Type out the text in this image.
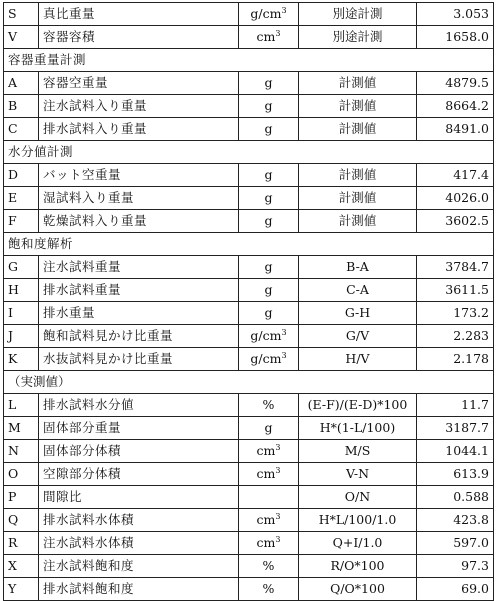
S	真比重量	$g/cm^3$	別途計測	3.053
V	容器容積	$cm^3$	別途計測	1658.0
容器重量計測				
A	容器空重量	g	計測値	4879.5
B	注水試料入り重量	g	計測値	8664.2
C	排水試料入り重量	g	計測値	8491.0
水分値計測				
D	バット空重量	g	計測値	417.4
E	湿試料入り重量	g	計測値	4026.0
F	乾燥試料入り重量	g	計測値	3602.5
飽和度解析				
G	注水試料重量	g	B-A	3784.7
H	排水試料重量	g	C-A	3611.5
I	排水重量	g	G-H	173.2
J	飽和試料見かけ比重量	$g/cm^3$	G/V	2.283
K	水抜試料見かけ比重量	$g/cm^3$	H/V	2.178
（実測値）				
L	排水試料水分値	%	(E-F)/(E-D)*100	11.7
M	固体部分重量	g	H*(1-L/100)	3187.7
N	固体部分体積	$cm^3$	M/S	1044.1
O	空隙部分体積	$cm^3$	V-N	613.9
P	間隙比		O/N	0.588
Q	排水試料水体積	$cm^3$	H*L/100/1.0	423.8
R	注水試料水体積	$cm^3$	Q+I/1.0	597.0
X	注水試料飽和度	%	R/O*100	97.3
Y	排水試料飽和度	%	Q/O*100	69.0
